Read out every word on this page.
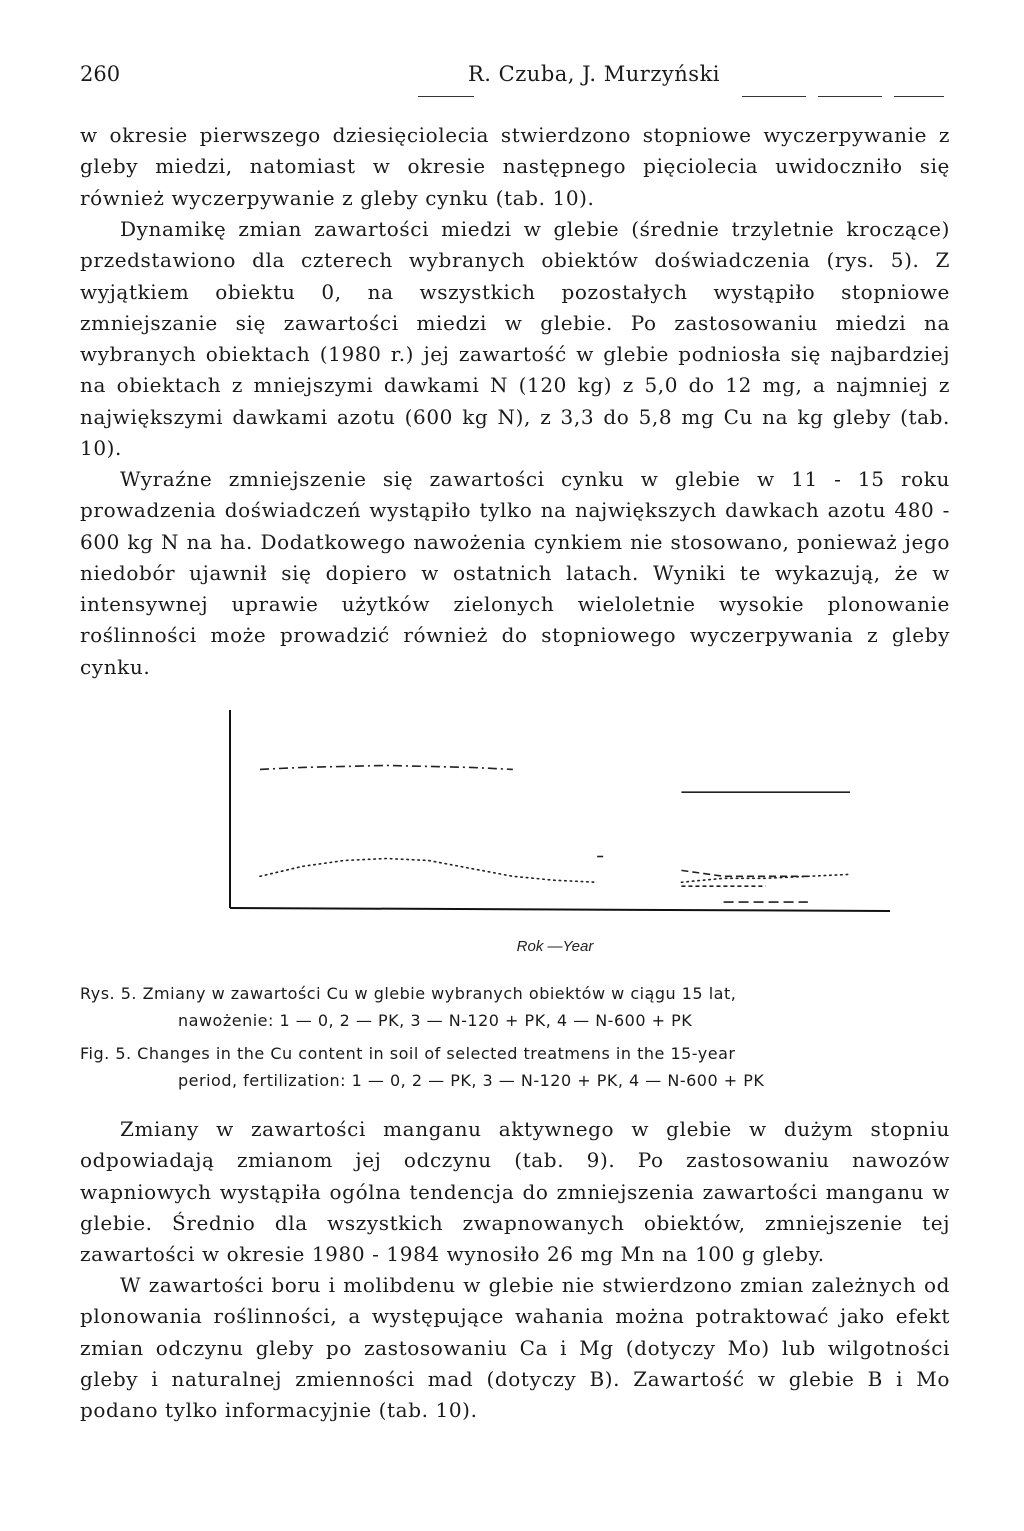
260	R. Czuba, J. Murzyński

w okresie pierwszego dziesięciolecia stwierdzono stopniowe wyczerpywanie z gleby miedzi, natomiast w okresie następnego pięciolecia uwidoczniło się również wyczerpywanie z gleby cynku (tab. 10).

Dynamikę zmian zawartości miedzi w glebie (średnie trzyletnie kroczące) przedstawiono dla czterech wybranych obiektów doświadczenia (rys. 5). Z wyjątkiem obiektu 0, na wszystkich pozostałych wystąpiło stopniowe zmniejszanie się zawartości miedzi w glebie. Po zastosowaniu miedzi na wybranych obiektach (1980 r.) jej zawartość w glebie podniosła się najbardziej na obiektach z mniejszymi dawkami N (120 kg) z 5,0 do 12 mg, a najmniej z największymi dawkami azotu (600 kg N), z 3,3 do 5,8 mg Cu na kg gleby (tab. 10).

Wyraźne zmniejszenie się zawartości cynku w glebie w 11 - 15 roku prowadzenia doświadczeń wystąpiło tylko na największych dawkach azotu 480 - 600 kg N na ha. Dodatkowego nawożenia cynkiem nie stosowano, ponieważ jego niedobór ujawnił się dopiero w ostatnich latach. Wyniki te wykazują, że w intensywnej uprawie użytków zielonych wieloletnie wysokie plonowanie roślinności może prowadzić również do stopniowego wyczerpywania z gleby cynku.

Rok —Year

Rys. 5. Zmiany w zawartości Cu w glebie wybranych obiektów w ciągu 15 lat,
nawożenie: 1 — 0, 2 — PK, 3 — N-120 + PK, 4 — N-600 + PK

Fig. 5. Changes in the Cu content in soil of selected treatmens in the 15-year
period, fertilization: 1 — 0, 2 — PK, 3 — N-120 + PK, 4 — N-600 + PK

Zmiany w zawartości manganu aktywnego w glebie w dużym stopniu odpowiadają zmianom jej odczynu (tab. 9). Po zastosowaniu nawozów wapniowych wystąpiła ogólna tendencja do zmniejszenia zawartości manganu w glebie. Średnio dla wszystkich zwapnowanych obiektów, zmniejszenie tej zawartości w okresie 1980 - 1984 wynosiło 26 mg Mn na 100 g gleby.

W zawartości boru i molibdenu w glebie nie stwierdzono zmian zależnych od plonowania roślinności, a występujące wahania można potraktować jako efekt zmian odczynu gleby po zastosowaniu Ca i Mg (dotyczy Mo) lub wilgotności gleby i naturalnej zmienności mad (dotyczy B). Zawartość w glebie B i Mo podano tylko informacyjnie (tab. 10).
